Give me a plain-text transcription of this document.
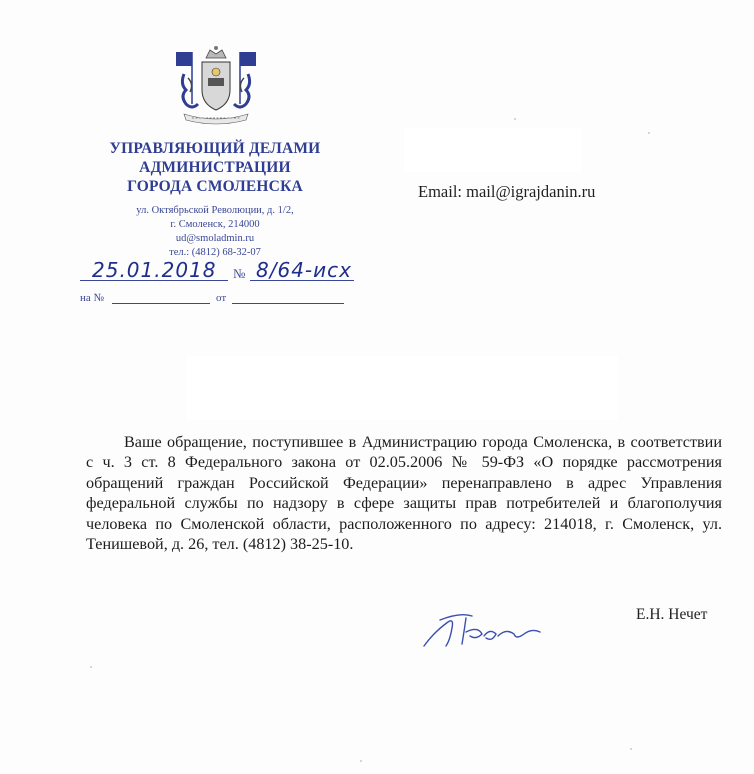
УПРАВЛЯЮЩИЙ ДЕЛАМИ
АДМИНИСТРАЦИИ
ГОРОДА СМОЛЕНСКА
ул. Октябрьской Революции, д. 1/2,
г. Смоленск, 214000
ud@smoladmin.ru
тел.: (4812) 68-32-07
25.01.2018 № 8/64-исх
на №	от
Email: mail@igrajdanin.ru

Ваше обращение, поступившее в Администрацию города Смоленска, в соответствии с ч. 3 ст. 8 Федерального закона от 02.05.2006 № 59-ФЗ «О порядке рассмотрения обращений граждан Российской Федерации» перенаправлено в адрес Управления федеральной службы по надзору в сфере защиты прав потребителей и благополучия человека по Смоленской области, расположенного по адресу: 214018, г. Смоленск, ул. Тенишевой, д. 26, тел. (4812) 38-25-10.

Е.Н. Нечет
